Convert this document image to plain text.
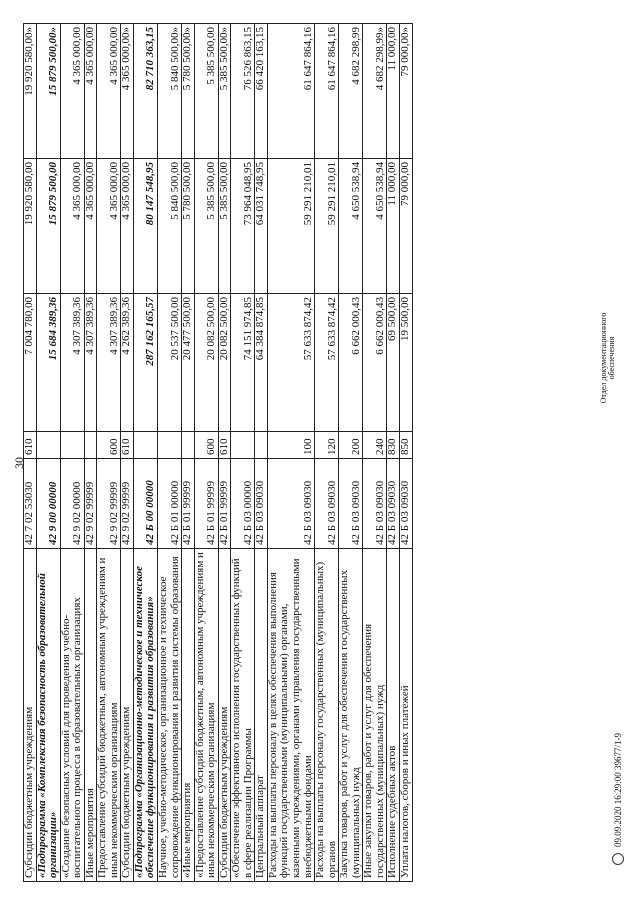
30
Субсидии бюджетным учреждениям	42 7 02 53030	610	7 004 780,00	19 920 580,00	19 920 580,00»
«Подпрограмма «Комплексная безопасность образовательной организации»	42 9 00 00000		15 684 389,36	15 879 500,00	15 879 500,00»
«Создание безопасных условий для проведения учебно-воспитательного процесса в образовательных организациях	42 9 02 00000		4 307 389,36	4 365 000,00	4 365 000,00
Иные мероприятия	42 9 02 99999		4 307 389,36	4 365 000,00	4 365 000,00
Предоставление субсидий бюджетным, автономным учреждениям и иным некоммерческим организациям	42 9 02 99999	600	4 307 389,36	4 365 000,00	4 365 000,00
Субсидии бюджетным учреждениям	42 9 02 99999	610	4 262 389,36	4 365 000,00	4 365 000,00»
«Подпрограмма «Организационно-методическое и техническое обеспечение функционирования и развития образования»	42 Б 00 00000		287 162 165,57	80 147 548,95	82 710 363,15
Научное, учебно-методическое, организационное и техническое сопровождение функционирования и развития системы образования	42 Б 01 00000		20 537 500,00	5 840 500,00	5 840 500,00»
«Иные мероприятия	42 Б 01 99999		20 477 500,00	5 780 500,00	5 780 500,00»
«Предоставление субсидий бюджетным, автономным учреждениям и иным некоммерческим организациям	42 Б 01 99999	600	20 082 500,00	5 385 500,00	5 385 500,00
Субсидии бюджетным учреждениям	42 Б 01 99999	610	20 082 500,00	5 385 500,00	5 385 500,00»
«Обеспечение эффективного исполнения государственных функций в сфере реализации Программы	42 Б 03 00000		74 151 974,85	73 964 048,95	76 526 863,15
Центральный аппарат	42 Б 03 09030		64 384 874,85	64 031 748,95	66 420 163,15
Расходы на выплаты персоналу в целях обеспечения выполнения функций государственными (муниципальными) органами, казенными учреждениями, органами управления государственными внебюджетными фондами	42 Б 03 09030	100	57 633 874,42	59 291 210,01	61 647 864,16
Расходы на выплаты персоналу государственных (муниципальных) органов	42 Б 03 09030	120	57 633 874,42	59 291 210,01	61 647 864,16
Закупка товаров, работ и услуг для обеспечения государственных (муниципальных) нужд	42 Б 03 09030	200	6 662 000,43	4 650 538,94	4 682 298,99
Иные закупки товаров, работ и услуг для обеспечения государственных (муниципальных) нужд	42 Б 03 09030	240	6 662 000,43	4 650 538,94	4 682 298,99»
Исполнение судебных актов	42 Б 03 09030	830	69 500,00	11 000,00	11 000,00
Уплата налогов, сборов и иных платежей	42 Б 03 09030	850	19 500,00	79 000,00	79 000,00»
09.09.2020 16:29:00 39677/1-9
Отдел документационного обеспечения
